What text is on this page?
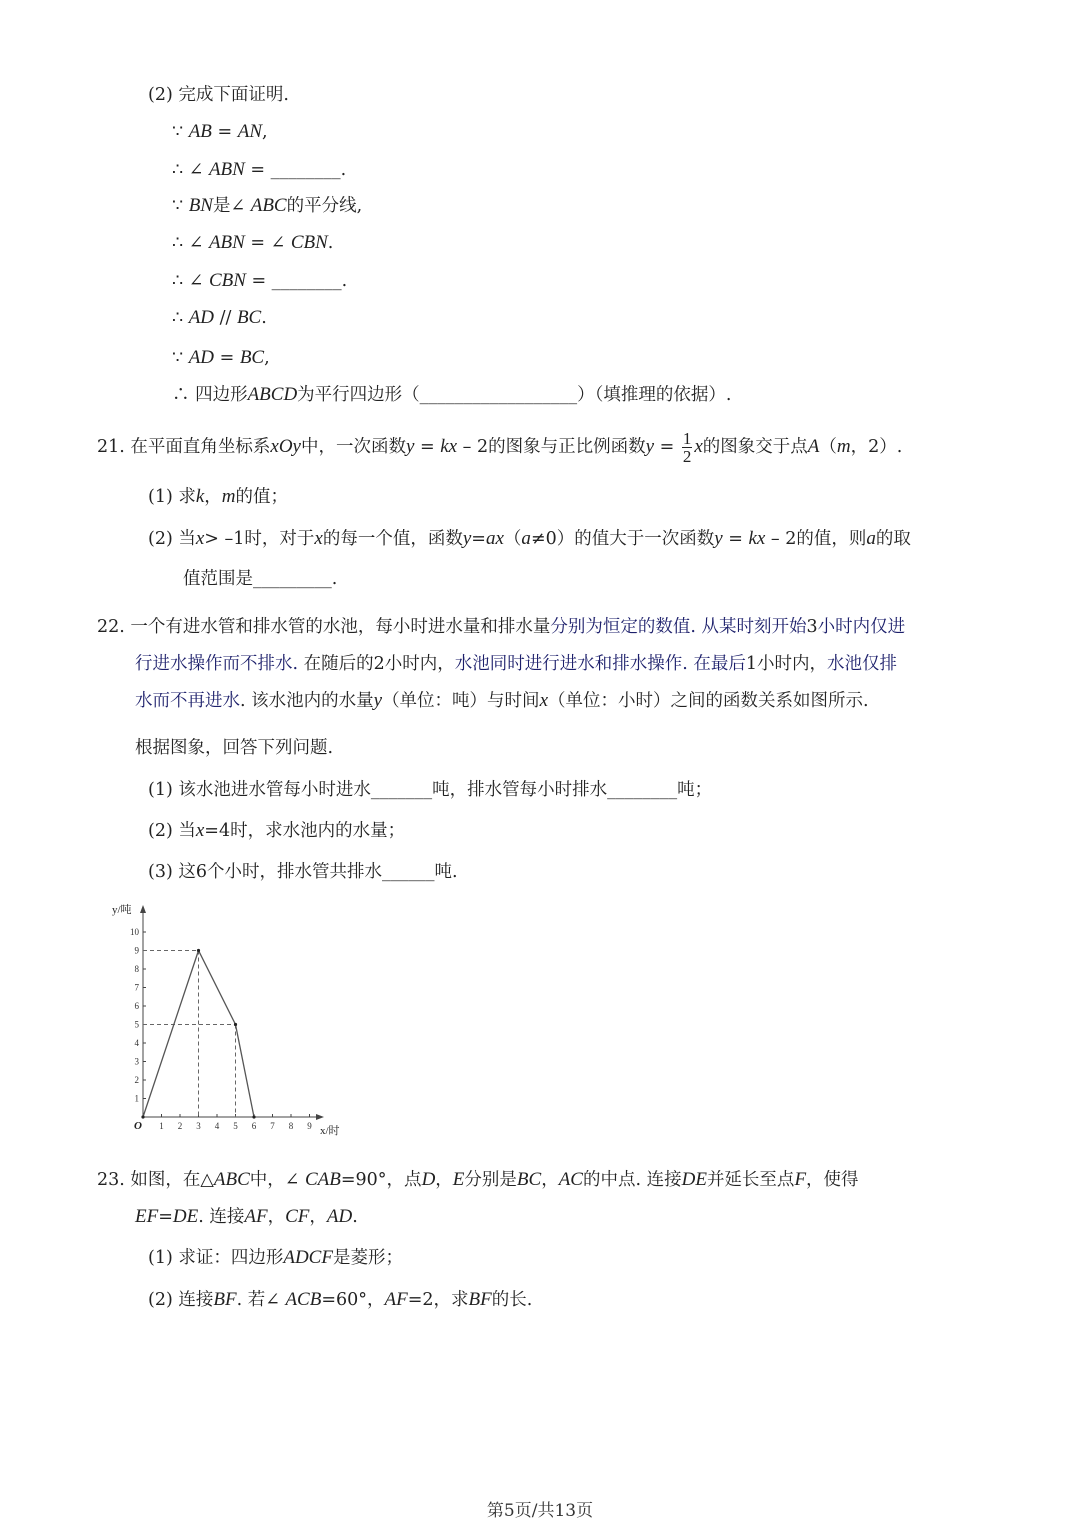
(2) 完成下面证明.
∵ AB = AN,
∴ ∠ ABN = ________.
∵ BN是∠ ABC的平分线,
∴ ∠ ABN = ∠ CBN.
∴ ∠ CBN = ________.
∴ AD // BC.
∵ AD = BC,
∴ 四边形ABCD为平行四边形（__________________）（填推理的依据）.
21. 在平面直角坐标系xOy中，一次函数y = kx – 2的图象与正比例函数$y = \frac{1}{2}$ x的图象交于点A（m，2）.
(1) 求k，m的值；
(2) 当x> –1时，对于x的每一个值，函数y=ax（a≠0）的值大于一次函数y = kx – 2的值，则a的取
值范围是_________.
22. 一个有进水管和排水管的水池，每小时进水量和排水量分别为恒定的数值. 从某时刻开始3小时内仅进
行进水操作而不排水. 在随后的2小时内，水池同时进行进水和排水操作. 在最后1小时内，水池仅排
水而不再进水. 该水池内的水量y（单位：吨）与时间x（单位：小时）之间的函数关系如图所示.
根据图象，回答下列问题.
(1) 该水池进水管每小时进水_______吨，排水管每小时排水________吨；
(2) 当x=4时，求水池内的水量；
(3) 这6个小时，排水管共排水______吨.
1 2 3 4 5 6 7 8 9
1
2
3
4
5
6
7
8
9
10
O	x/时
y/吨
23. 如图，在△ABC中，∠ CAB=90°，点D，E分别是BC，AC的中点. 连接DE并延长至点F，使得
EF=DE. 连接AF，CF，AD.
(1) 求证：四边形ADCF是菱形；
(2) 连接BF. 若∠ ACB=60°，AF=2，求BF的长.
第5页/共13页
